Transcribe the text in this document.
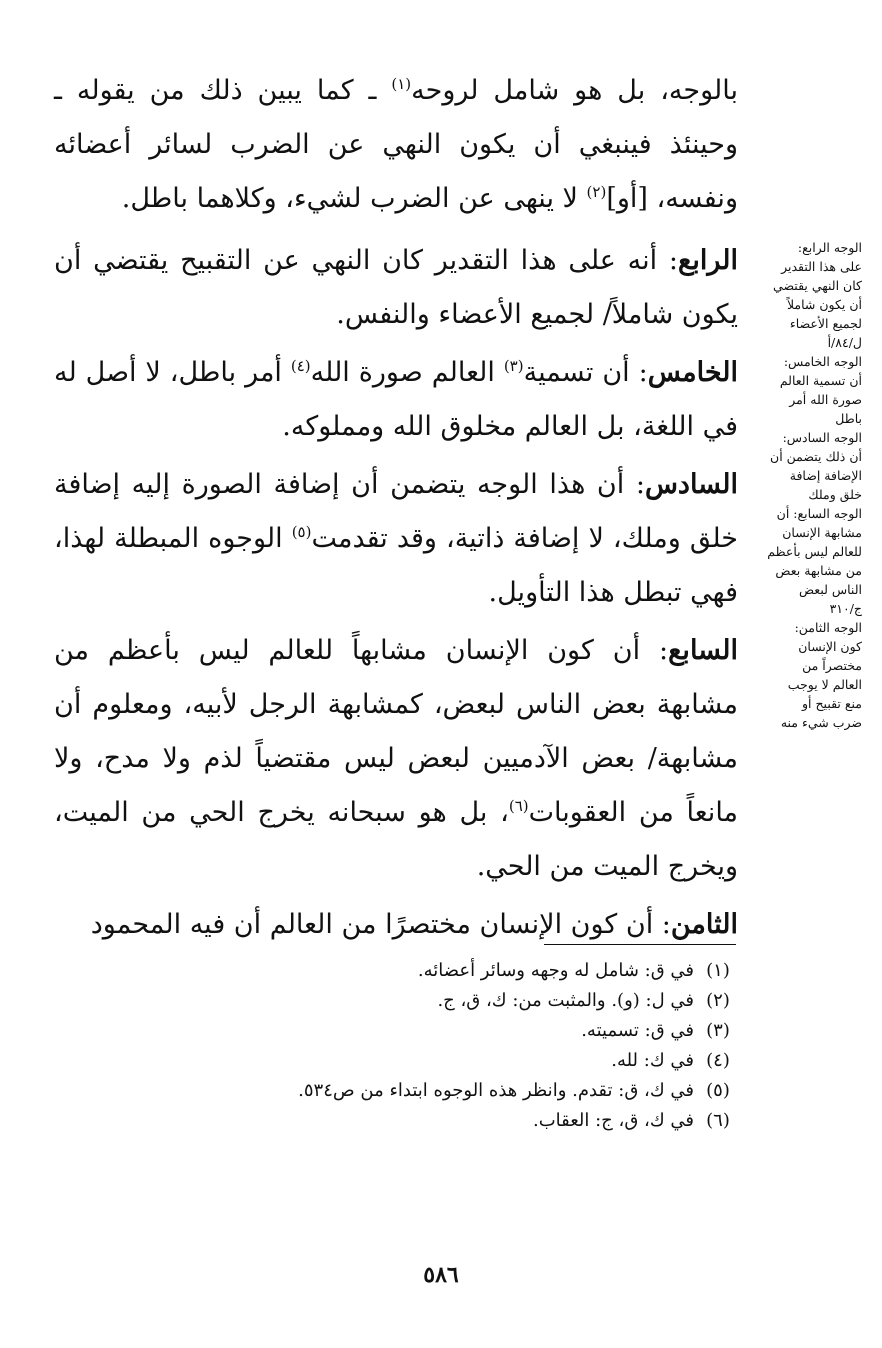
بالوجه، بل هو شامل لروحه$^{(١)}$ ـ كما يبين ذلك من يقوله ـ وحينئذ فينبغي أن يكون النهي عن الضرب لسائر أعضائه ونفسه، [أو]$^{(٢)}$ لا ينهى عن الضرب لشيء، وكلاهما باطل.

الرابع: أنه على هذا التقدير كان النهي عن التقبيح يقتضي أن يكون شاملاً/ لجميع الأعضاء والنفس.

الخامس: أن تسمية$^{(٣)}$ العالم صورة الله$^{(٤)}$ أمر باطل، لا أصل له في اللغة، بل العالم مخلوق الله ومملوكه.

السادس: أن هذا الوجه يتضمن أن إضافة الصورة إليه إضافة خلق وملك، لا إضافة ذاتية، وقد تقدمت$^{(٥)}$ الوجوه المبطلة لهذا، فهي تبطل هذا التأويل.

السابع: أن كون الإنسان مشابهاً للعالم ليس بأعظم من مشابهة بعض الناس لبعض، كمشابهة الرجل لأبيه، ومعلوم أن مشابهة/ بعض الآدميين لبعض ليس مقتضياً لذم ولا مدح، ولا مانعاً من العقوبات$^{(٦)}$، بل هو سبحانه يخرج الحي من الميت، ويخرج الميت من الحي.

الثامن: أن كون الإنسان مختصرًا من العالم أن فيه المحمود

الوجه الرابع:
على هذا التقدير
كان النهي يقتضي
أن يكون شاملاً
لجميع الأعضاء
ل/٨٤/أ
الوجه الخامس:
أن تسمية العالم
صورة الله أمر
باطل
الوجه السادس:
أن ذلك يتضمن أن
الإضافة إضافة
خلق وملك
الوجه السابع: أن
مشابهة الإنسان
للعالم ليس بأعظم
من مشابهة بعض
الناس لبعض
ج/٣١٠
الوجه الثامن:
كون الإنسان
مختصراً من
العالم لا يوجب
منع تقبيح أو
ضرب شيء منه
(١)
في ق: شامل له وجهه وسائر أعضائه.
(٢)
في ل: (و). والمثبت من: ك، ق، ج.
(٣)
في ق: تسميته.
(٤)
في ك: لله.
(٥)
في ك، ق: تقدم. وانظر هذه الوجوه ابتداء من ص٥٣٤.
(٦)
في ك، ق، ج: العقاب.
٥٨٦
